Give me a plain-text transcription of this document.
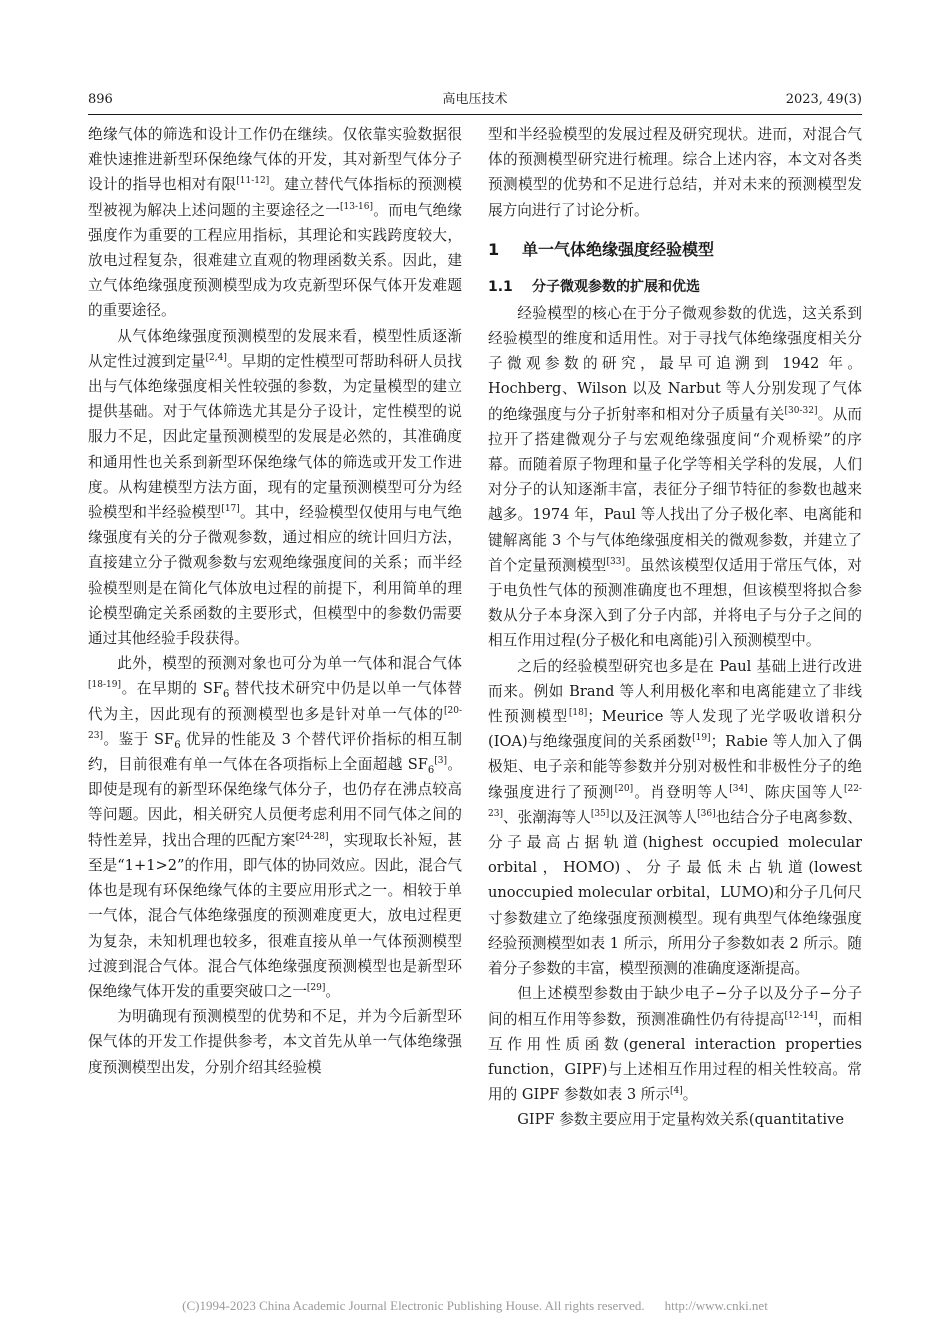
896	高电压技术	2023, 49(3)

绝缘气体的筛选和设计工作仍在继续。仅依靠实验数据很难快速推进新型环保绝缘气体的开发，其对新型气体分子设计的指导也相对有限[11-12]。建立替代气体指标的预测模型被视为解决上述问题的主要途径之一[13-16]。而电气绝缘强度作为重要的工程应用指标，其理论和实践跨度较大，放电过程复杂，很难建立直观的物理函数关系。因此，建立气体绝缘强度预测模型成为攻克新型环保气体开发难题的重要途径。

从气体绝缘强度预测模型的发展来看，模型性质逐渐从定性过渡到定量[2,4]。早期的定性模型可帮助科研人员找出与气体绝缘强度相关性较强的参数，为定量模型的建立提供基础。对于气体筛选尤其是分子设计，定性模型的说服力不足，因此定量预测模型的发展是必然的，其准确度和通用性也关系到新型环保绝缘气体的筛选或开发工作进度。从构建模型方法方面，现有的定量预测模型可分为经验模型和半经验模型[17]。其中，经验模型仅使用与电气绝缘强度有关的分子微观参数，通过相应的统计回归方法，直接建立分子微观参数与宏观绝缘强度间的关系；而半经验模型则是在简化气体放电过程的前提下，利用简单的理论模型确定关系函数的主要形式，但模型中的参数仍需要通过其他经验手段获得。

此外，模型的预测对象也可分为单一气体和混合气体[18-19]。在早期的 $SF_6$ 替代技术研究中仍是以单一气体替代为主，因此现有的预测模型也多是针对单一气体的[20-23]。鉴于 $SF_6$ 优异的性能及 3 个替代评价指标的相互制约，目前很难有单一气体在各项指标上全面超越 $SF_6[3]$。即使是现有的新型环保绝缘气体分子，也仍存在沸点较高等问题。因此，相关研究人员便考虑利用不同气体之间的特性差异，找出合理的匹配方案[24-28]，实现取长补短，甚至是“1+1>2”的作用，即气体的协同效应。因此，混合气体也是现有环保绝缘气体的主要应用形式之一。相较于单一气体，混合气体绝缘强度的预测难度更大，放电过程更为复杂，未知机理也较多，很难直接从单一气体预测模型过渡到混合气体。混合气体绝缘强度预测模型也是新型环保绝缘气体开发的重要突破口之一[29]。

为明确现有预测模型的优势和不足，并为今后新型环保气体的开发工作提供参考，本文首先从单一气体绝缘强度预测模型出发，分别介绍其经验模

型和半经验模型的发展过程及研究现状。进而，对混合气体的预测模型研究进行梳理。综合上述内容，本文对各类预测模型的优势和不足进行总结，并对未来的预测模型发展方向进行了讨论分析。

1 单一气体绝缘强度经验模型
1.1 分子微观参数的扩展和优选

经验模型的核心在于分子微观参数的优选，这关系到经验模型的维度和适用性。对于寻找气体绝缘强度相关分子微观参数的研究，最早可追溯到 1942 年。Hochberg、Wilson 以及 Narbut 等人分别发现了气体的绝缘强度与分子折射率和相对分子质量有关[30-32]。从而拉开了搭建微观分子与宏观绝缘强度间“介观桥梁”的序幕。而随着原子物理和量子化学等相关学科的发展，人们对分子的认知逐渐丰富，表征分子细节特征的参数也越来越多。1974 年，Paul 等人找出了分子极化率、电离能和键解离能 3 个与气体绝缘强度相关的微观参数，并建立了首个定量预测模型[33]。虽然该模型仅适用于常压气体，对于电负性气体的预测准确度也不理想，但该模型将拟合参数从分子本身深入到了分子内部，并将电子与分子之间的相互作用过程(分子极化和电离能)引入预测模型中。

之后的经验模型研究也多是在 Paul 基础上进行改进而来。例如 Brand 等人利用极化率和电离能建立了非线性预测模型[18]；Meurice 等人发现了光学吸收谱积分(IOA)与绝缘强度间的关系函数[19]；Rabie 等人加入了偶极矩、电子亲和能等参数并分别对极性和非极性分子的绝缘强度进行了预测[20]。肖登明等人[34]、陈庆国等人[22-23]、张潮海等人[35]以及汪沨等人[36]也结合分子电离参数、分子最高占据轨道(highest occupied molecular orbital，HOMO)、分子最低未占轨道(lowest unoccupied molecular orbital，LUMO)和分子几何尺寸参数建立了绝缘强度预测模型。现有典型气体绝缘强度经验预测模型如表 1 所示，所用分子参数如表 2 所示。随着分子参数的丰富，模型预测的准确度逐渐提高。

但上述模型参数由于缺少电子−分子以及分子−分子间的相互作用等参数，预测准确性仍有待提高[12-14]，而相互作用性质函数(general interaction properties function，GIPF)与上述相互作用过程的相关性较高。常用的 GIPF 参数如表 3 所示[4]。

GIPF 参数主要应用于定量构效关系(quantitative

(C)1994-2023 China Academic Journal Electronic Publishing House. All rights reserved. http://www.cnki.net
